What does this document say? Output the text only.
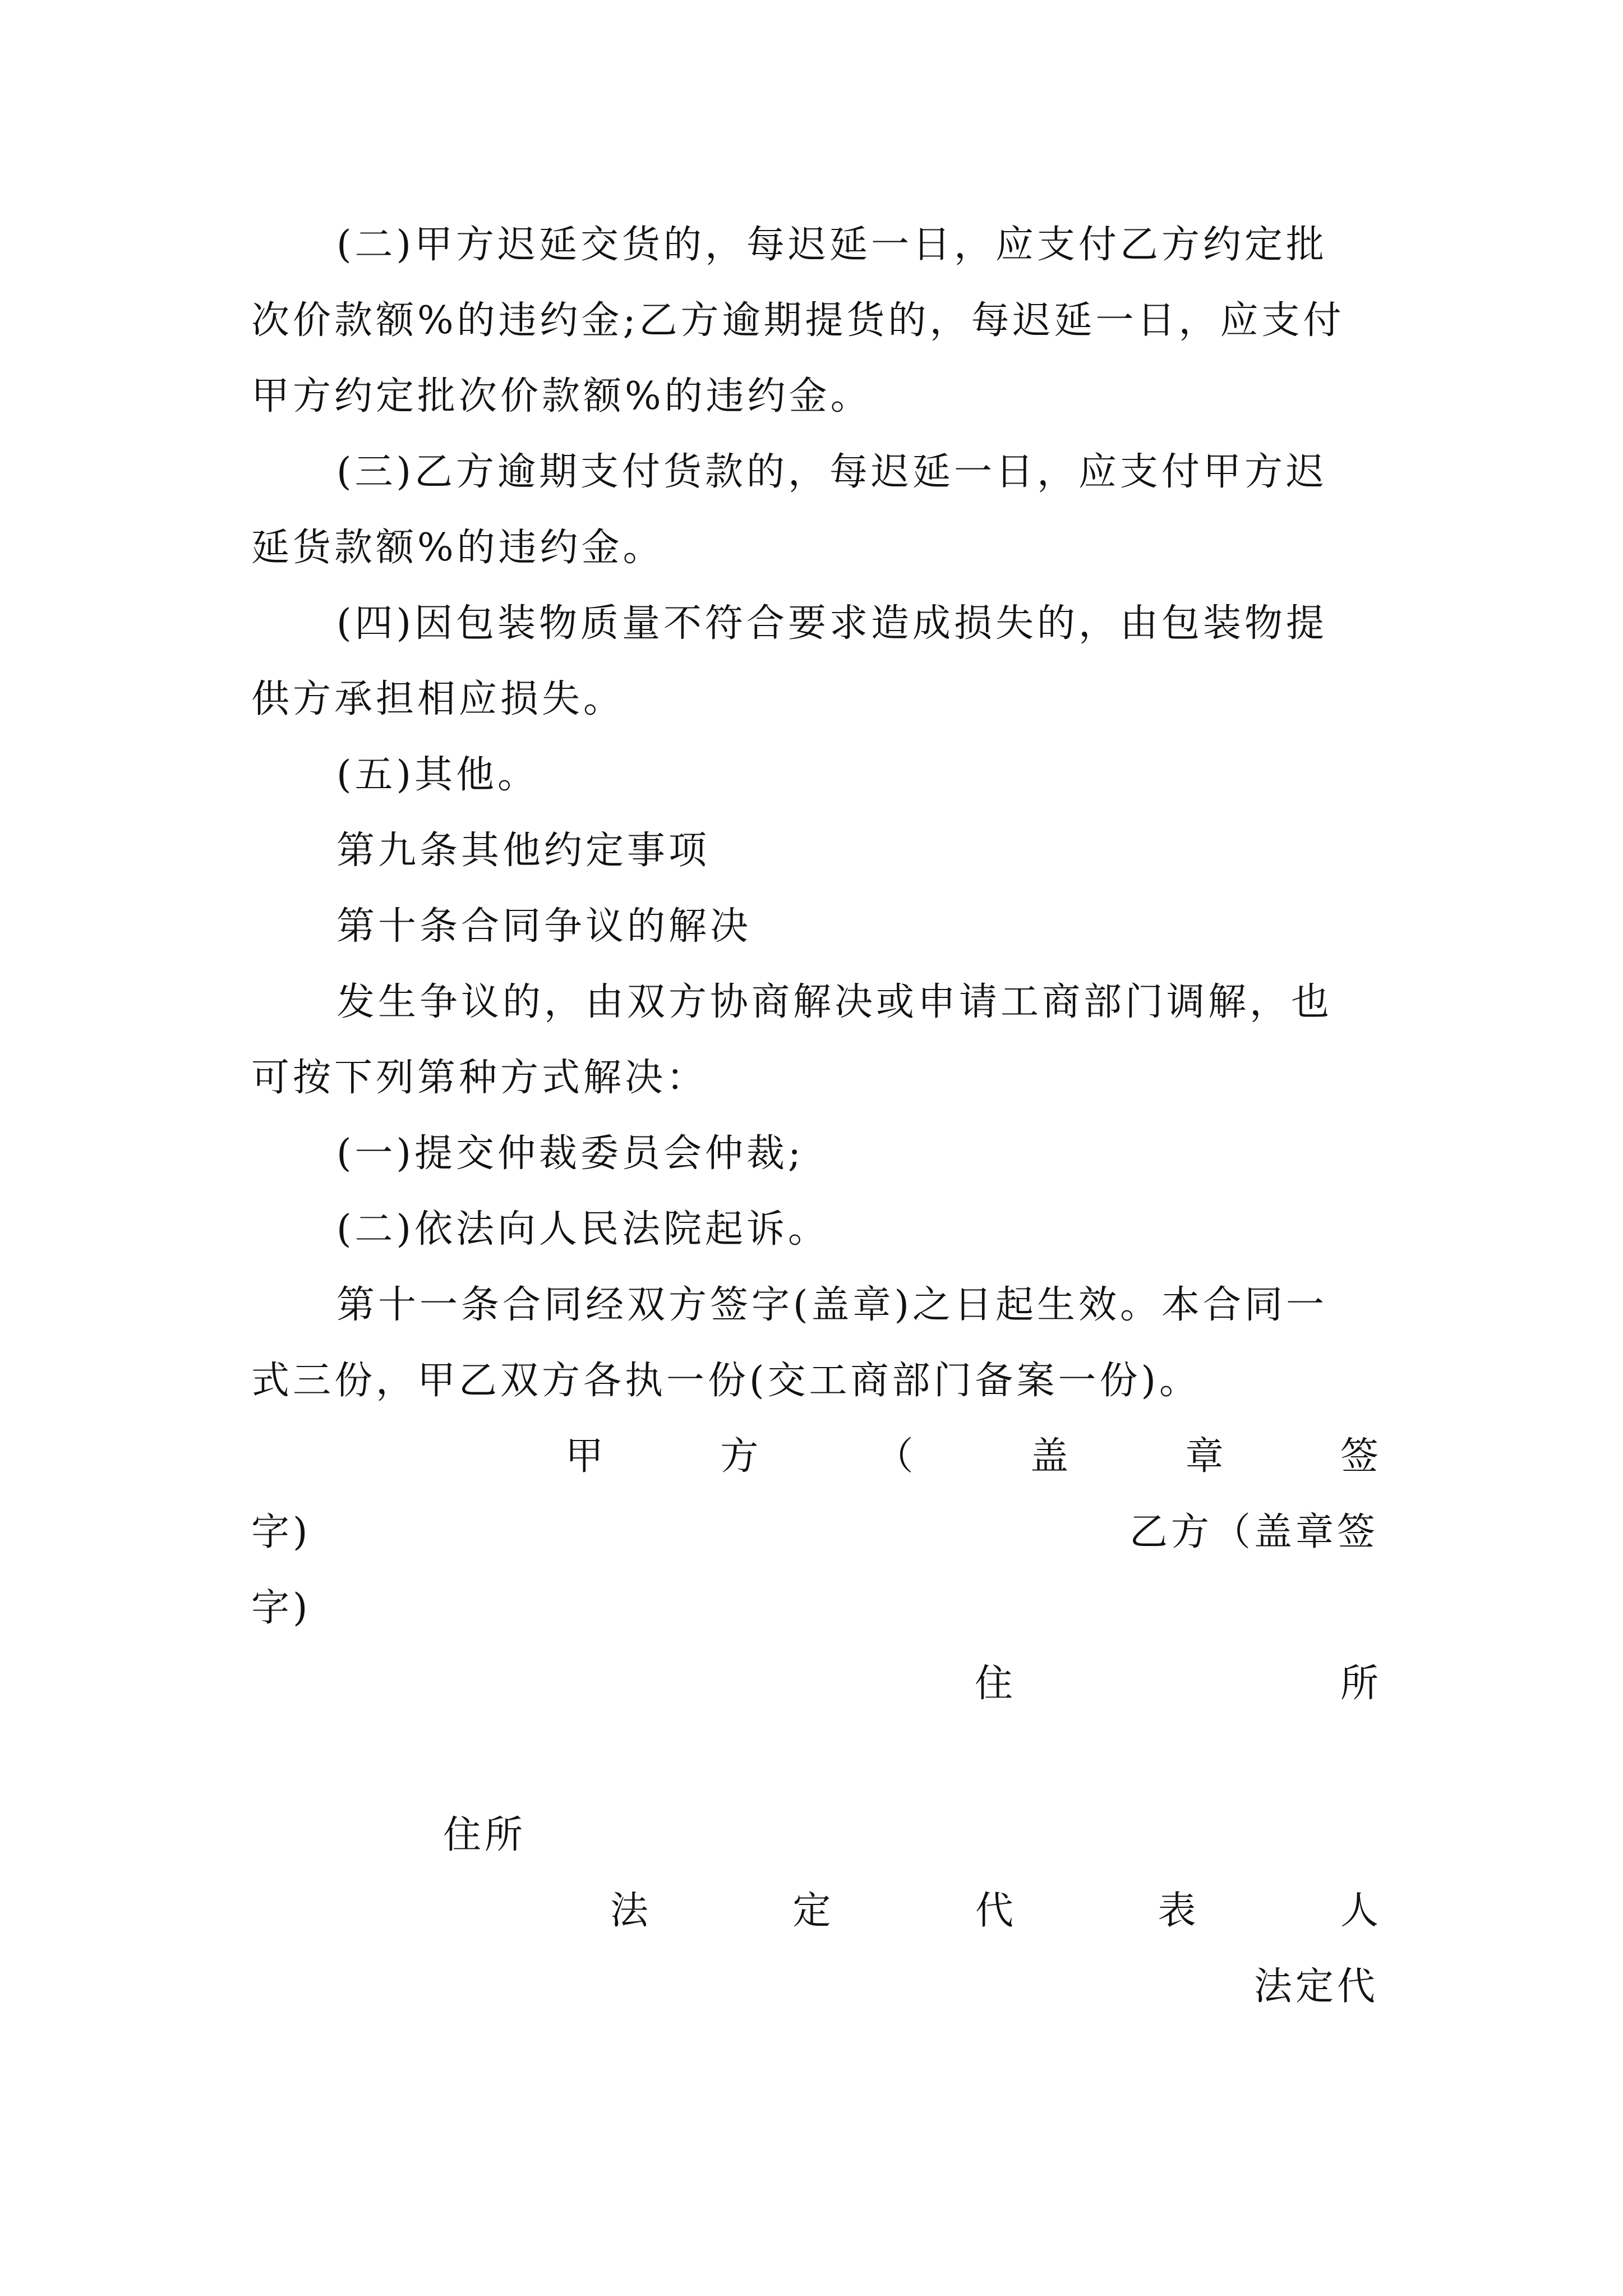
(二)甲方迟延交货的，每迟延一日，应支付乙方约定批
次价款额%的违约金;乙方逾期提货的，每迟延一日，应支付
甲方约定批次价款额%的违约金。
(三)乙方逾期支付货款的，每迟延一日，应支付甲方迟
延货款额%的违约金。
(四)因包装物质量不符合要求造成损失的，由包装物提
供方承担相应损失。
(五)其他。
第九条其他约定事项
第十条合同争议的解决
发生争议的，由双方协商解决或申请工商部门调解，也
可按下列第种方式解决：
(一)提交仲裁委员会仲裁;
(二)依法向人民法院起诉。
第十一条合同经双方签字(盖章)之日起生效。本合同一
式三份，甲乙双方各执一份(交工商部门备案一份)。
甲	方	（	盖	章	签
字)	乙方（盖章签
字)
住	所
住所
法	定	代	表	人
法定代
